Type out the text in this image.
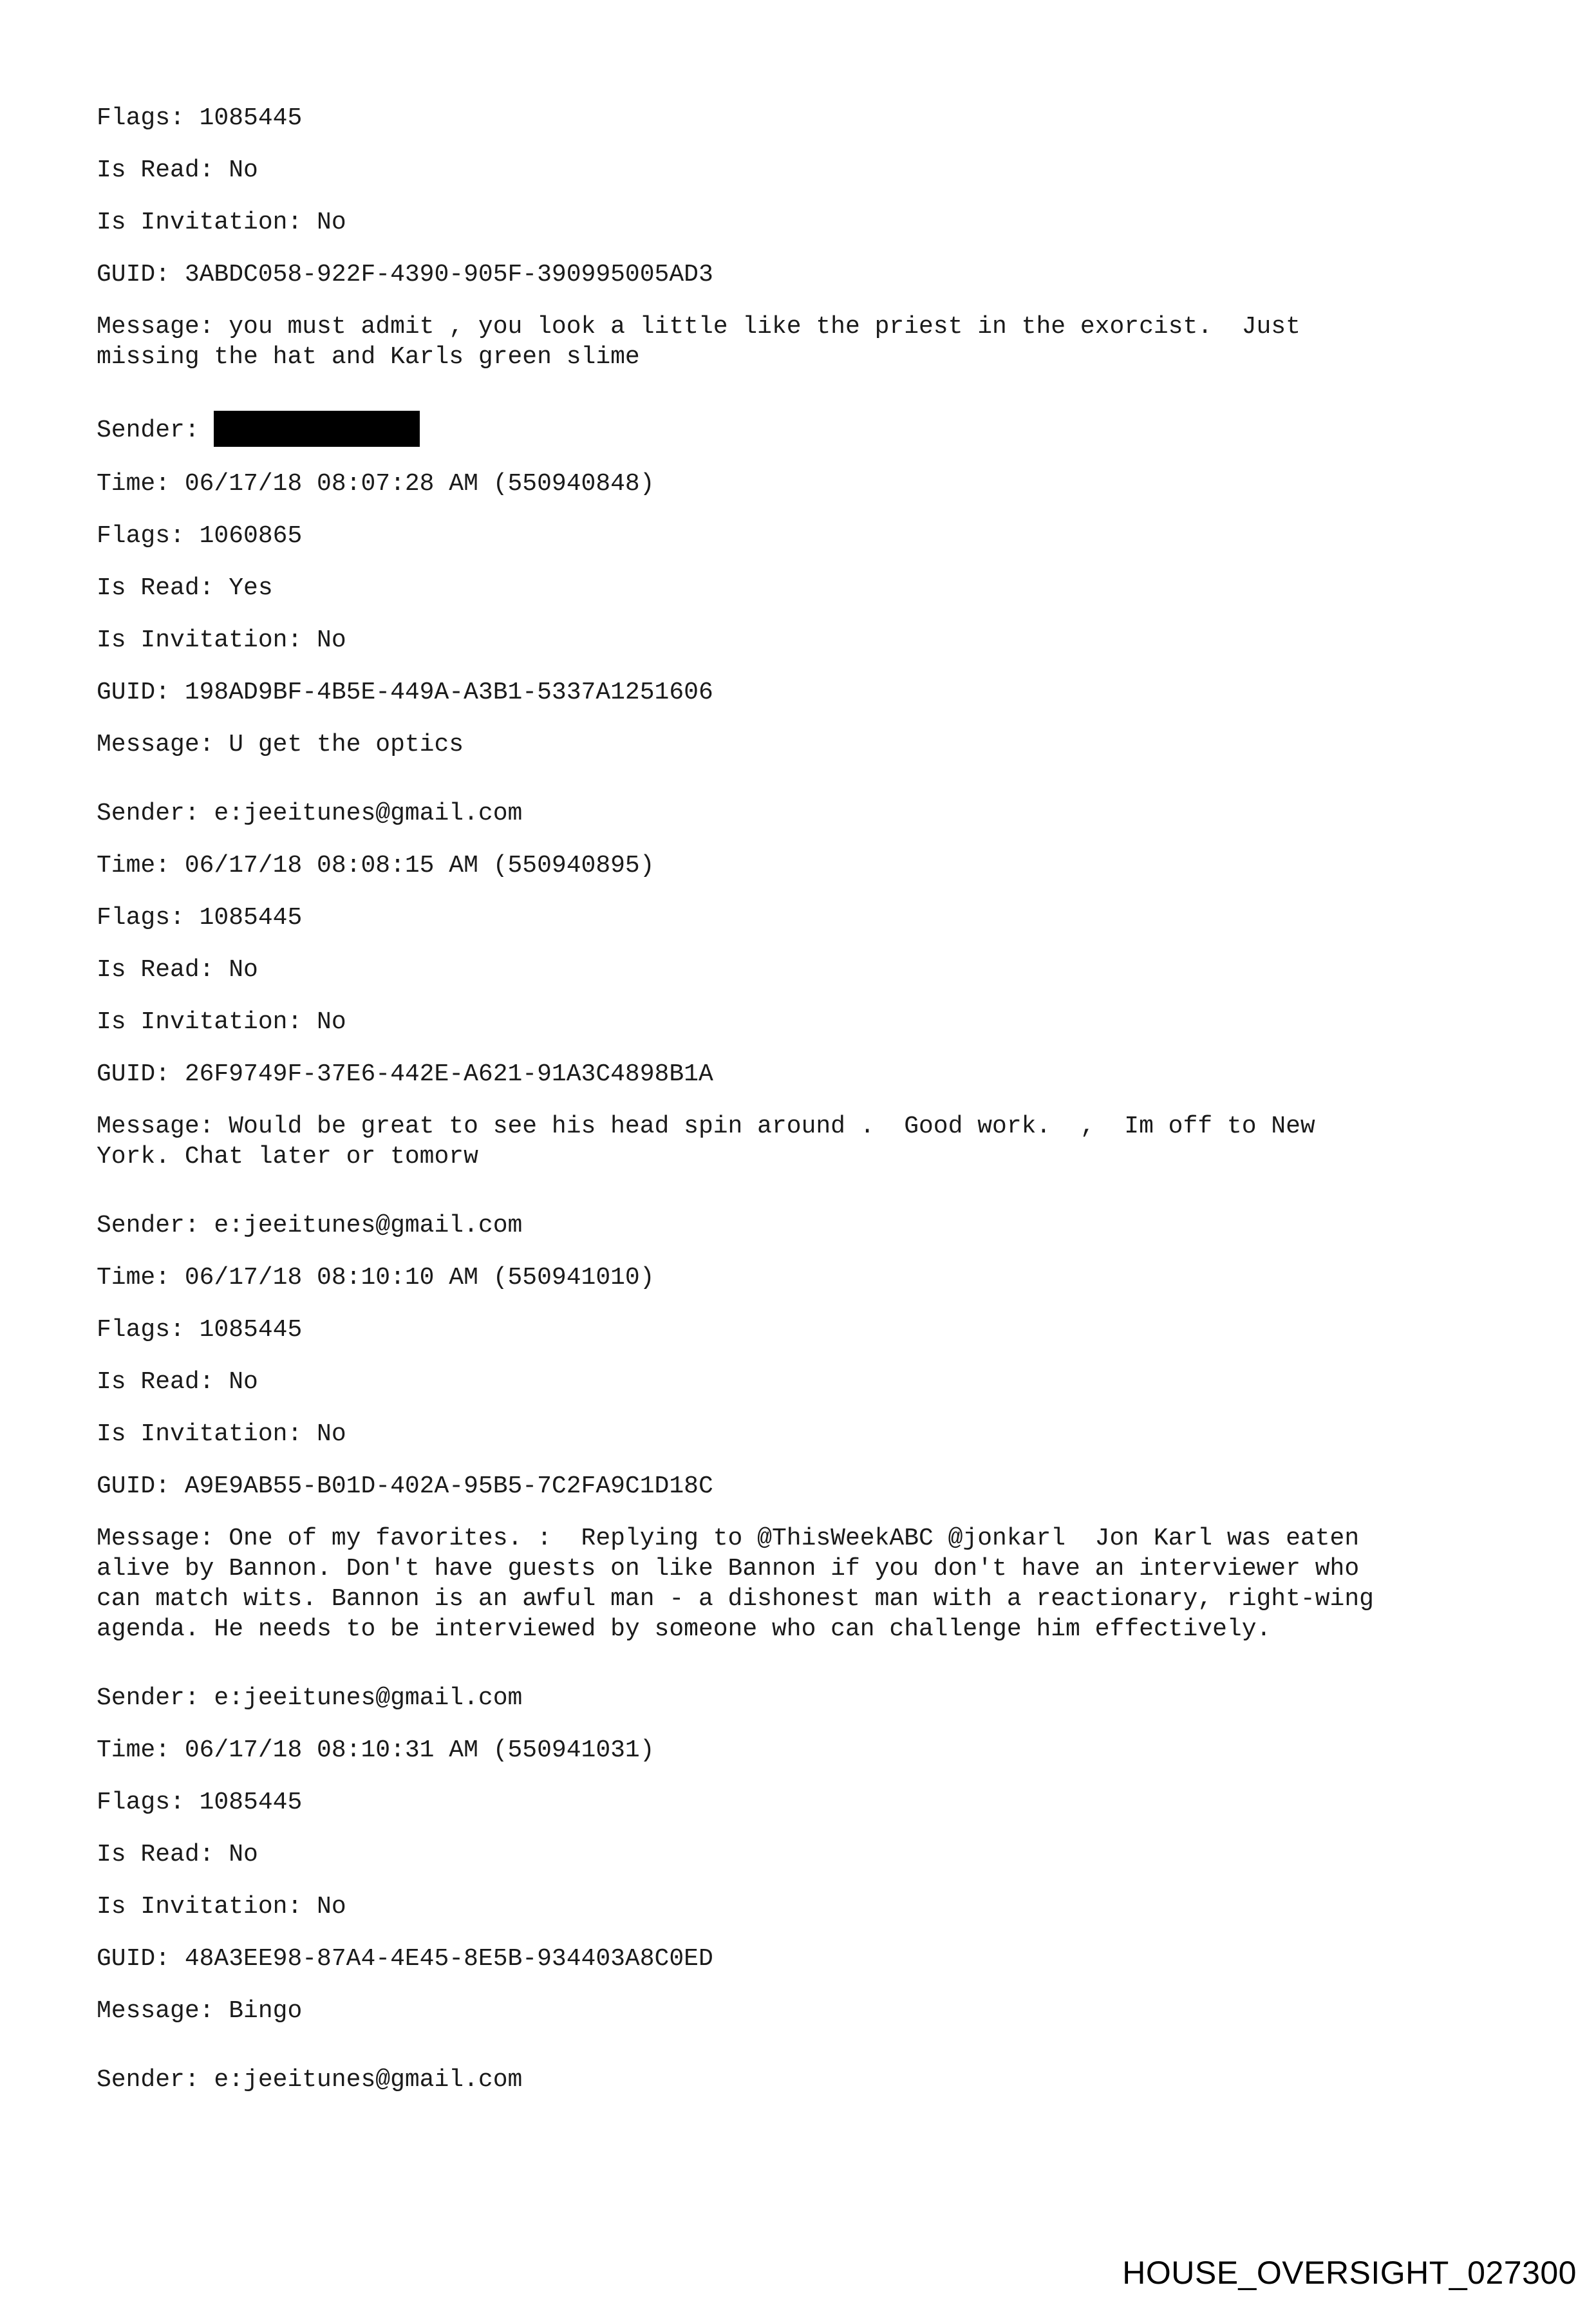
Flags: 1085445
Is Read: No
Is Invitation: No
GUID: 3ABDC058-922F-4390-905F-390995005AD3
Message: you must admit , you look a little like the priest in the exorcist.  Just
missing the hat and Karls green slime
Sender:
Time: 06/17/18 08:07:28 AM (550940848)
Flags: 1060865
Is Read: Yes
Is Invitation: No
GUID: 198AD9BF-4B5E-449A-A3B1-5337A1251606
Message: U get the optics
Sender: e:jeeitunes@gmail.com
Time: 06/17/18 08:08:15 AM (550940895)
Flags: 1085445
Is Read: No
Is Invitation: No
GUID: 26F9749F-37E6-442E-A621-91A3C4898B1A
Message: Would be great to see his head spin around .  Good work.  ,  Im off to New
York. Chat later or tomorw
Sender: e:jeeitunes@gmail.com
Time: 06/17/18 08:10:10 AM (550941010)
Flags: 1085445
Is Read: No
Is Invitation: No
GUID: A9E9AB55-B01D-402A-95B5-7C2FA9C1D18C
Message: One of my favorites. :  Replying to @ThisWeekABC @jonkarl  Jon Karl was eaten
alive by Bannon. Don't have guests on like Bannon if you don't have an interviewer who
can match wits. Bannon is an awful man - a dishonest man with a reactionary, right-wing
agenda. He needs to be interviewed by someone who can challenge him effectively.
Sender: e:jeeitunes@gmail.com
Time: 06/17/18 08:10:31 AM (550941031)
Flags: 1085445
Is Read: No
Is Invitation: No
GUID: 48A3EE98-87A4-4E45-8E5B-934403A8C0ED
Message: Bingo
Sender: e:jeeitunes@gmail.com
HOUSE_OVERSIGHT_027300
